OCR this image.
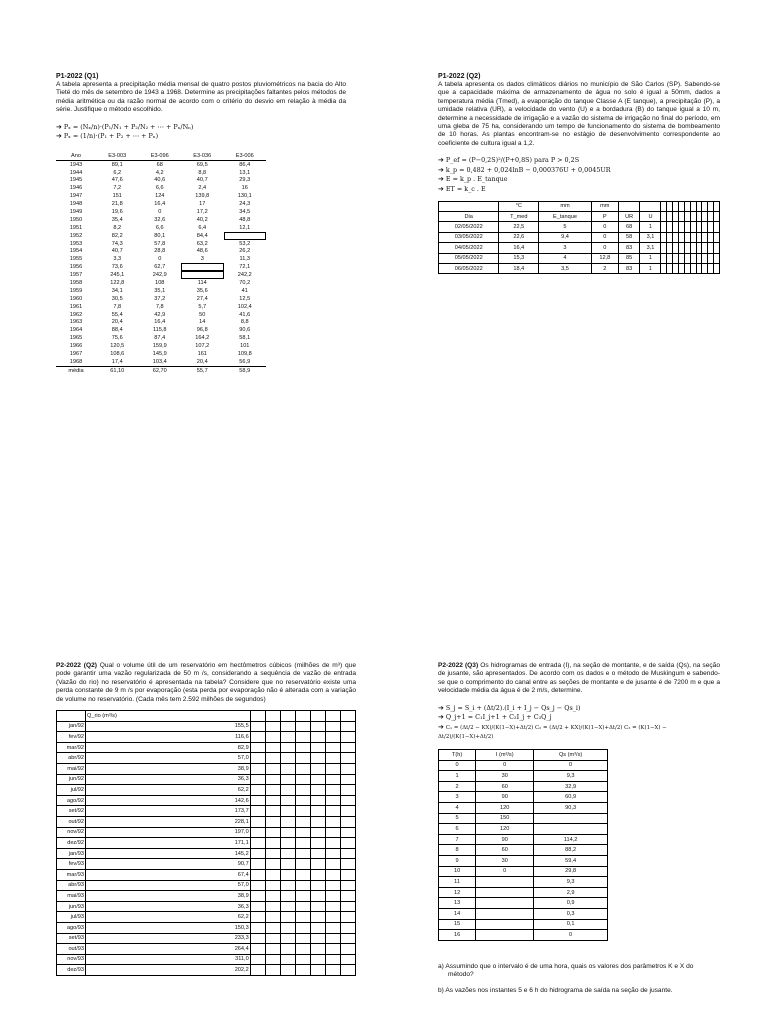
P1-2022 (Q1)
A tabela apresenta a precipitação média mensal de quatro postos pluviométricos na bacia do Alto Tieté do mês de setembro de 1943 a 1968. Determine as precipitações faltantes pelos métodos de média aritmética ou da razão normal de acordo com o critério do desvio em relação à média da série. Justifique o método escolhido.
➔ Pₓ = (Nₓ/n)·(P₁/N₁ + P₂/N₂ + ⋯ + Pₙ/Nₙ)
➔ Pₓ = (1/n)·(P₁ + P₂ + ⋯ + Pₙ)
Ano	E3-003	E3-096	E3-036	E3-006
1943	89,1	68	69,5	86,4
1944	6,2	4,2	8,8	13,1
1945	47,6	40,6	40,7	29,3
1946	7,2	6,6	2,4	16
1947	151	124	139,8	130,1
1948	21,8	16,4	17	24,3
1949	19,6	0	17,2	34,5
1950	35,4	32,6	40,2	48,8
1951	8,2	6,6	6,4	12,1
1952	82,2	80,1	84,4	
1953	74,3	57,8	63,2	53,2
1954	40,7	28,8	48,6	26,2
1955	3,3	0	3	11,3
1956	73,6	62,7		72,1
1957	245,1	242,9		242,2
1958	122,8	108	114	70,2
1959	34,1	35,1	35,6	41
1960	30,5	37,2	27,4	12,5
1961	7,8	7,8	5,7	102,4
1962	55,4	42,9	50	41,6
1963	20,4	16,4	14	8,8
1964	88,4	115,8	96,8	90,6
1965	75,6	87,4	164,2	58,1
1966	120,5	159,9	107,2	101
1967	108,6	145,9	161	109,8
1968	17,4	103,4	20,4	56,9
média	61,10	62,70	55,7	58,9
P1-2022 (Q2)
A tabela apresenta os dados climáticos diários no município de São Carlos (SP). Sabendo-se que a capacidade máxima de armazenamento de água no solo é igual a 50mm, dados a temperatura média (Tmed), a evaporação do tanque Classe A (E tanque), a precipitação (P), a umidade relativa (UR), a velocidade do vento (U) e a bordadura (B) do tanque igual a 10 m, determine a necessidade de irrigação e a vazão do sistema de irrigação no final do período, em uma gleba de 75 ha, considerando um tempo de funcionamento do sistema de bombeamento de 10 horas. As plantas encontram-se no estágio de desenvolvimento correspondente ao coeficiente de cultura igual a 1,2.
➔ P_ef = (P−0,2S)²/(P+0,8S) para P > 0,2S
➔ k_p = 0,482 + 0,024lnB − 0,000376U + 0,0045UR
➔ E = k_p . E_tanque
➔ ET = k_c . E
	°C	mm	mm												
Dia	T_med	E_tanque	P	UR	U										
02/05/2022	22,5	5	0	68	1										
03/05/2022	22,6	9,4	0	58	3,1										
04/05/2022	16,4	3	0	83	3,1										
05/05/2022	15,3	4	12,8	85	1										
06/05/2022	18,4	3,5	2	83	1										
P2-2022 (Q2) Qual o volume útil de um reservatório em hectômetros cúbicos (milhões de m³) que pode garantir uma vazão regularizada de 50 m /s, considerando a sequência de vazão de entrada (Vazão do rio) no reservatório é apresentada na tabela? Considere que no reservatório existe uma perda constante de 9 m /s por evaporação (esta perda por evaporação não é alterada com a variação de volume no reservatório. (Cada mês tem 2.592 milhões de segundos)
	Q_rio (m³/s)							
jan/92	155,5							
fev/92	116,6							
mar/92	82,9							
abr/92	57,0							
mai/92	38,9							
jun/92	36,3							
jul/92	62,2							
ago/92	142,6							
set/92	173,7							
out/92	228,1							
nov/92	197,0							
dez/92	171,1							
jan/93	145,2							
fev/93	90,7							
mar/93	67,4							
abr/93	57,0							
mai/93	38,9							
jun/93	36,3							
jul/93	62,2							
ago/93	150,3							
set/93	233,3							
out/93	264,4							
nov/93	311,0							
dez/93	202,2							
P2-2022 (Q3) Os hidrogramas de entrada (I), na seção de montante, e de saída (Qs), na seção de jusante, são apresentados. De acordo com os dados e o método de Muskingum e sabendo-se que o comprimento do canal entre as seções de montante e de jusante é de 7200 m e que a velocidade média da água é de 2 m/s, determine.
➔ S_j = S_i + (Δt/2).(I_i + I_j − Qs_j − Qs_i)
➔ Q_j+1 = C₁I_j+1 + C₂I_j + C₃Q_j
➔ C₁ = (Δt/2 − KX)/(K(1−X)+Δt/2) C₂ = (Δt/2 + KX)/(K(1−X)+Δt/2) C₃ = (K(1−X) − Δt/2)/(K(1−X)+Δt/2)
T(h)	I (m³/s)	Qs (m³/s)
0	0	0
1	30	9,3
2	60	32,9
3	90	60,9
4	120	90,3
5	150	
6	120	
7	90	114,2
8	60	88,2
9	30	59,4
10	0	29,8
11		9,3
12		2,9
13		0,9
14		0,3
15		0,1
16		0
a) Assumindo que o intervalo é de uma hora, quais os valores dos parâmetros K e X do método?
b) As vazões nos instantes 5 e 6 h do hidrograma de saída na seção de jusante.
